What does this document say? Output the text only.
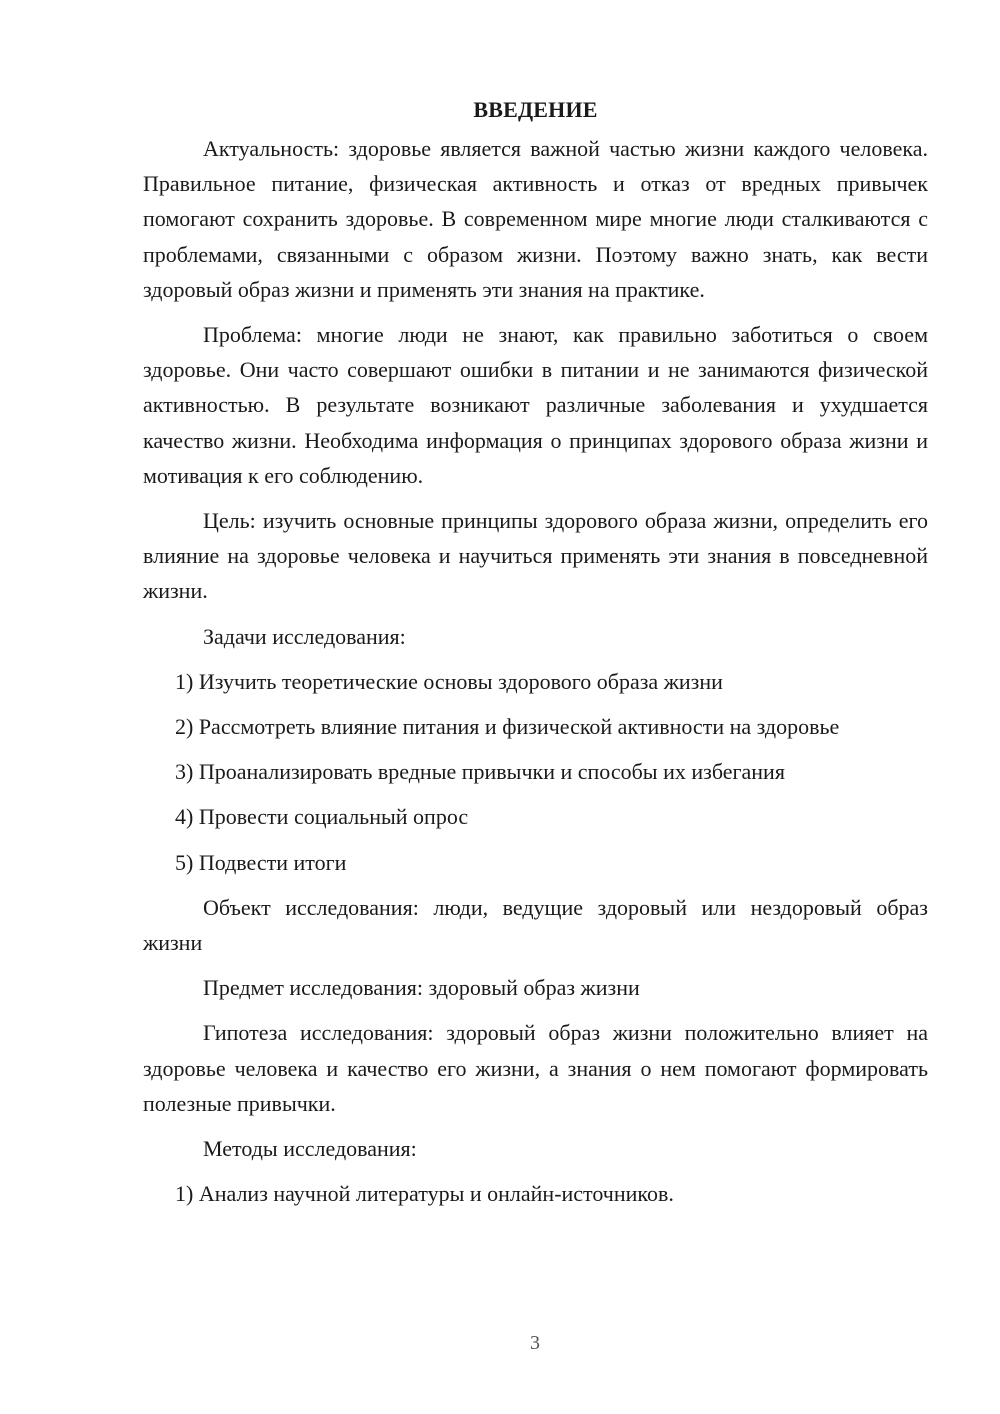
ВВЕДЕНИЕ

Актуальность: здоровье является важной частью жизни каждого человека. Правильное питание, физическая активность и отказ от вредных привычек помогают сохранить здоровье. В современном мире многие люди сталкиваются с проблемами, связанными с образом жизни. Поэтому важно знать, как вести здоровый образ жизни и применять эти знания на практике.

Проблема: многие люди не знают, как правильно заботиться о своем здоровье. Они часто совершают ошибки в питании и не занимаются физической активностью. В результате возникают различные заболевания и ухудшается качество жизни. Необходима информация о принципах здорового образа жизни и мотивация к его соблюдению.

Цель: изучить основные принципы здорового образа жизни, определить его влияние на здоровье человека и научиться применять эти знания в повседневной жизни.

Задачи исследования:
1) Изучить теоретические основы здорового образа жизни
2) Рассмотреть влияние питания и физической активности на здоровье
3) Проанализировать вредные привычки и способы их избегания
4) Провести социальный опрос
5) Подвести итоги

Объект исследования: люди, ведущие здоровый или нездоровый образ жизни

Предмет исследования: здоровый образ жизни

Гипотеза исследования: здоровый образ жизни положительно влияет на здоровье человека и качество его жизни, а знания о нем помогают формировать полезные привычки.

Методы исследования:
1) Анализ научной литературы и онлайн-источников.
3
